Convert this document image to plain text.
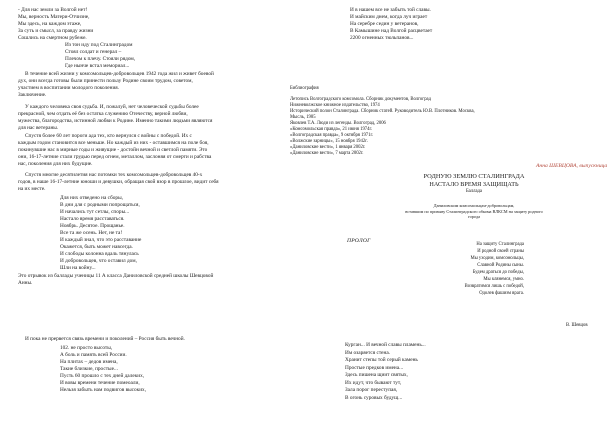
- Для нас земли за Волгой нет!
Мы, верность Матери-Отчизне,
Мы здесь, на каждом этаже,
За суть и смысл, за правду жизни
Сошлись на смертном рубеже.
Из тон иду под Сталинградом
Стоял солдат и генерал –
Плечом к плечу. Стояли рядом,
Где нынче встал мемориал...
В течение всей жизни у комсомольцев-добровольцев 1942 года жил и живет боевой
дух, они всегда готовы были принести пользу Родине своим трудом, советом,
участием в воспитании молодого поколения.
Заключение.
У каждого человека своя судьба. И, пожалуй, нет человеческой судьбы более
прекрасной, чем отдать её без остатка служению Отечеству, верной любви,
мужества, благородства, истинной любви к Родине. Именно такими людьми являются
для нас ветераны.
Спустя более 60 лет пороги ада тех, кто вернулся с войны с победой. Их с
каждым годом становится все меньше. Но каждый из них - оставшимся на поле боя,
покинувшие нас в мирные годы и живущие - достойн вечной и светлой памяти. Это
они, 16-17-летние стали грудью перед огнем, металлом, заслоняя от смерти и рабства
нас, поколения для них будущие.
Спустя многие десятилетия нас потомки тех комсомольцев-добровольцев 40-х
годов, в наше 16-17-летние юноши и девушки, обращая свой взор в прошлое, видит себя
на их месте.
Для них отведено на сборы,
В дни для с родными попрощаться,
И начались тут сетлы, споры...
Настало время расставаться.
Ноябрь. Десятое. Прощанье.
Все та же осень. Нет, не та!
И каждый знал, что это расставание
Окажется, быть может навсегда.
И слободы колонна вдаль тянулась
И добровольцев, что оставил дом,
Шли на войну...
Это отрывок из баллады ученицы 11 А класса Даниловской средней школы Шевцовой
Анны.
И пока не прервется связь времени и поколений – Россия быть вечной.
102. не просто высоты,
А боль и память всей России.
На плитах – дедов имена,
Такие близкие, простые...
Пусть 60 прошло с тех дней далеких,
И вовы времени течение помеоали,
Нельзя забыть нам подвигов высоких,
И в нашем все не забыть той славы.
И майским днем, когда луч играет
На серебре седин у ветеранов,
В Камышине над Волгой расцветает
2200 огненных тюльпанов...
Библиография
Летопись Волгоградского комсомола. Сборник документов, Волгоград
Нижневолжское книжное издательство, 1974
Исторический полон Сталинграда. Сборник статей. Руководитель Ю.В. Плотников. Москва,
Мысль, 1985
Яковлев Т.А. Люди из легенды. Волгоград, 2006
«Комсомольская правда», 21 июня 1974г.
«Волгоградская правда», 9 октября 1971г.
«Волжские зарницы», 15 ноября 1942г.
«Даниловские вести», 1 января 2002г.
«Даниловские вести», 7 марта 2002г.
Анна ШЕВЦОВА, выпускница
РОДНУЮ ЗЕМЛЮ СТАЛИНГРАДА
НАСТАЛО ВРЕМЯ ЗАЩИЩАТЬ
Баллада
Даниловским комсомольцам-добровольцам,
вставшим по призыву Сталинградского обкома ВЛКСМ на защиту родного
города
ПРОЛОГ
На защиту Сталинграда
И родной своей страны
Мы уходим, комсомольцы,
Славной Родины сыны.
Будем драться до победы,
Мы клянемся, умно.
Возвратимся лишь с победой,
Одолев фашизм врага.
В. Шевцов
Курган... И вечной славы пламень...
Им озаряется стена.
Хранит степы той серый камень
Простые предков имена...
Здесь пишена щиит святых,
Их идут, что бывают тут,
Зала порог переступая,
В огонь суровых будущ...
